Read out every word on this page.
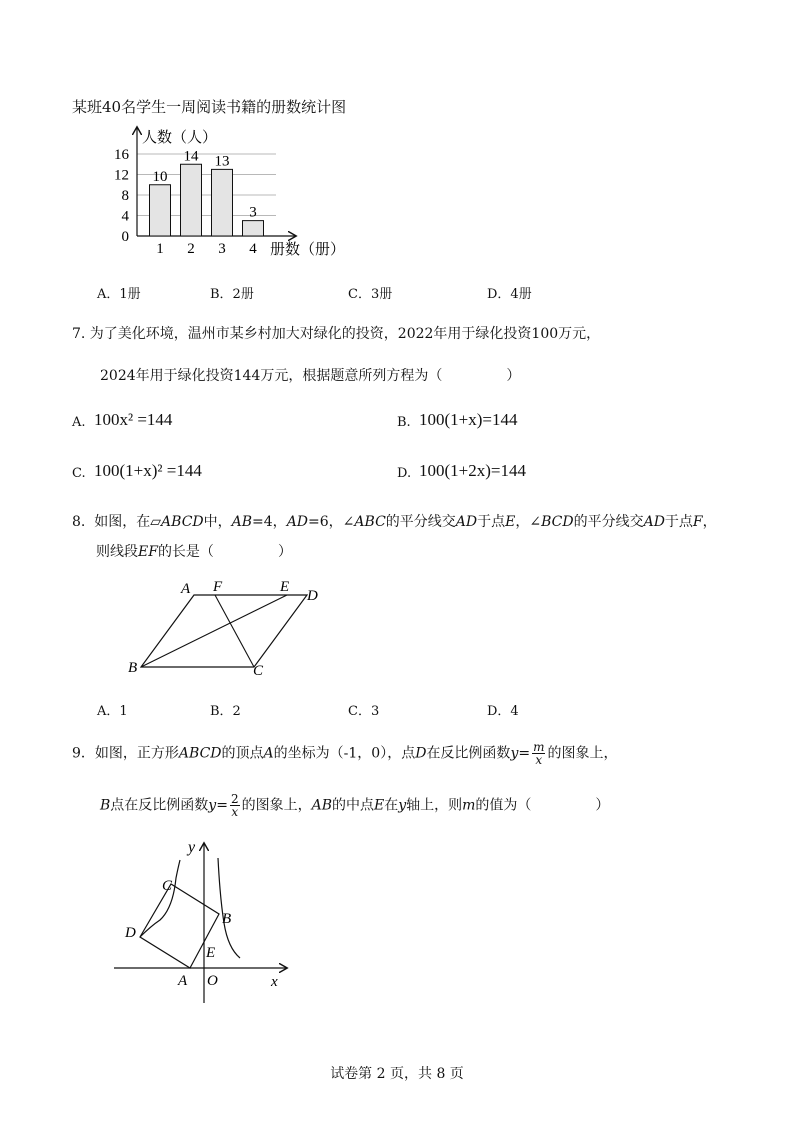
某班40名学生一周阅读书籍的册数统计图
10
14 13
3
0
4
8
12
16
1 2 3 4
人数（人）
册数（册）
A．1册	B．2册	C．3册	D．4册
7. 为了美化环境，温州市某乡村加大对绿化的投资，2022年用于绿化投资100万元，
2024年用于绿化投资144万元，根据题意所列方程为（	）
A. 100x² =144	B. 100(1+x)=144
C. 100(1+x)² =144	D. 100(1+2x)=144
8. 如图，在▱ABCD中，AB=4，AD=6，∠ABC的平分线交AD于点E，∠BCD的平分线交AD于点F，
则线段EF的长是（	）
A F	E
D
B	C
A．1	B．2	C．3	D．4
9．如图，正方形ABCD的顶点A的坐标为（-1，0），点D在反比例函数$y= \frac{m}{x}$ 的图象上，
B点在反比例函数$y= \frac{2}{x}$ 的图象上，AB的中点E在y轴上，则m的值为（	）
y
C
B
D
E
A O	x
试卷第 2 页，共 8 页
